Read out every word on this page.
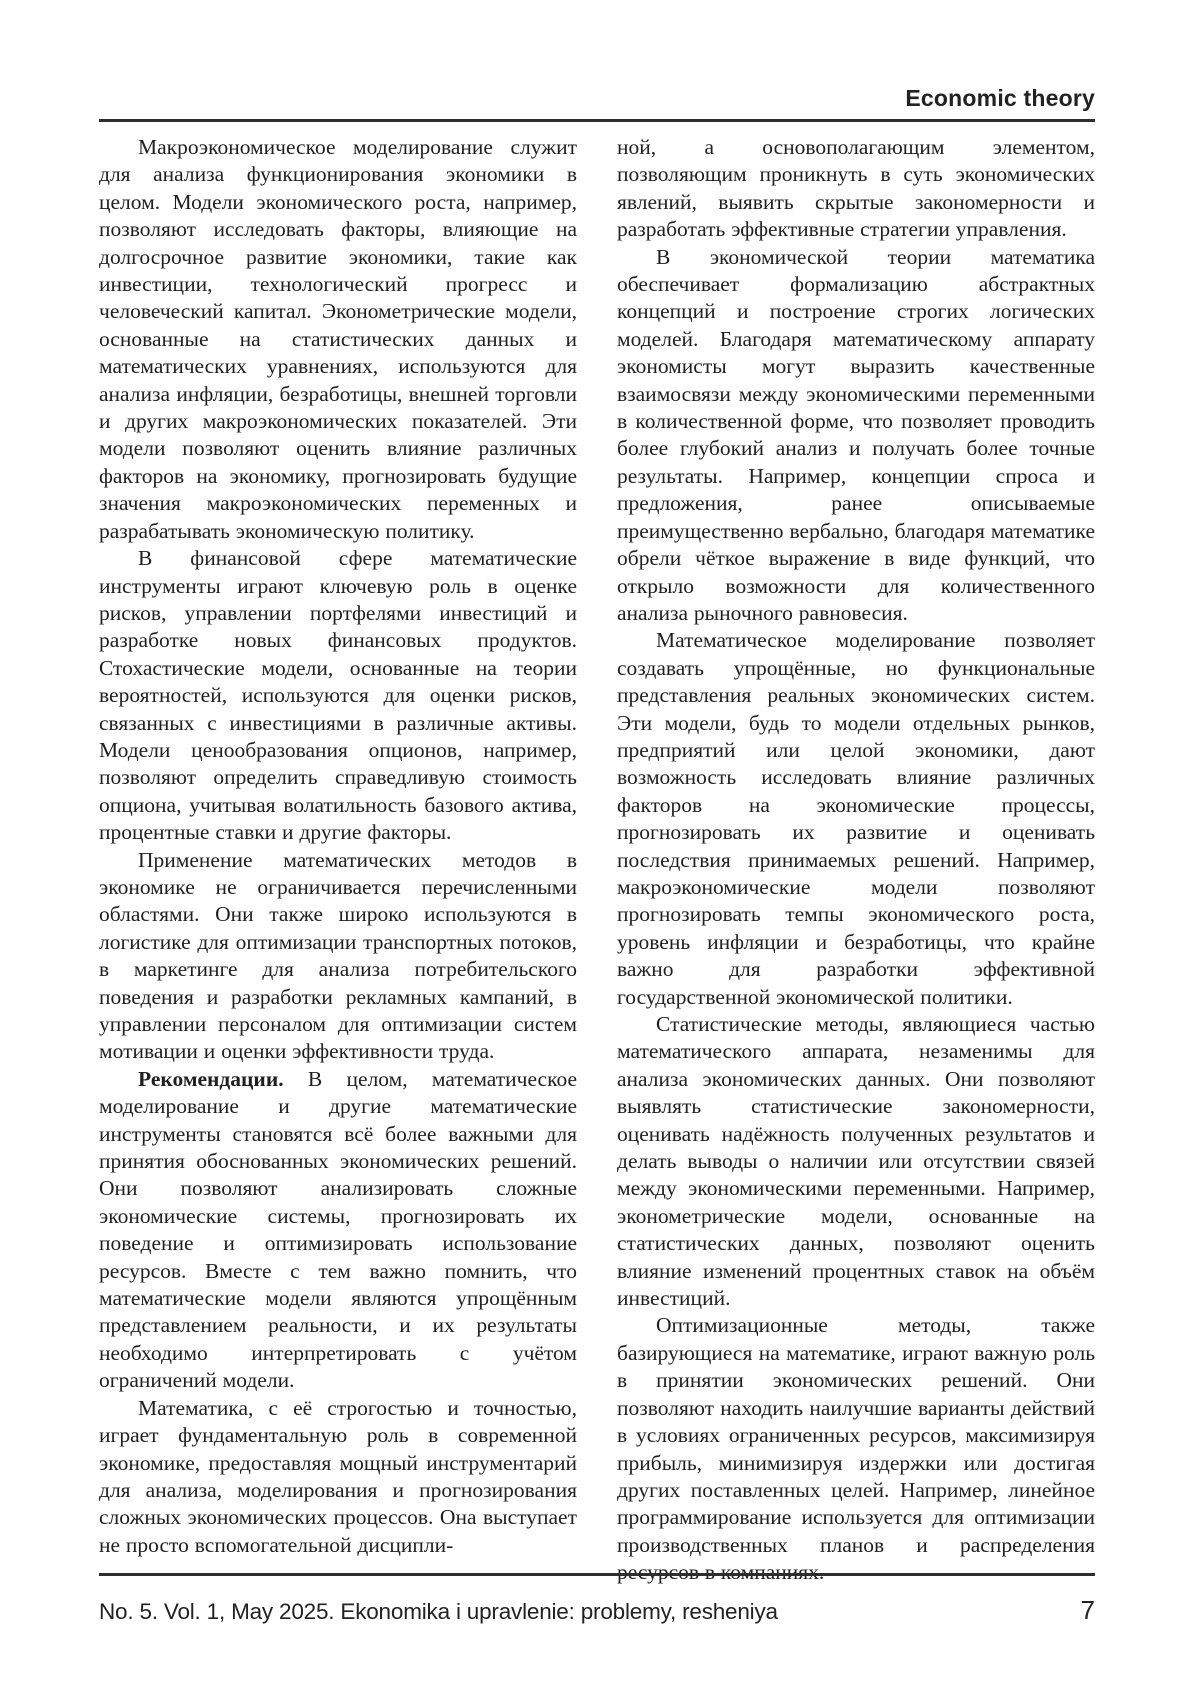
Economic theory

Макроэкономическое моделирование служит для анализа функционирования экономики в целом. Модели экономического роста, например, позволяют исследовать факторы, влияющие на долгосрочное развитие экономики, такие как инвестиции, технологический прогресс и человеческий капитал. Эконометрические модели, основанные на статистических данных и математических уравнениях, используются для анализа инфляции, безработицы, внешней торговли и других макроэкономических показателей. Эти модели позволяют оценить влияние различных факторов на экономику, прогнозировать будущие значения макроэкономических переменных и разрабатывать экономическую политику.

В финансовой сфере математические инструменты играют ключевую роль в оценке рисков, управлении портфелями инвестиций и разработке новых финансовых продуктов. Стохастические модели, основанные на теории вероятностей, используются для оценки рисков, связанных с инвестициями в различные активы. Модели ценообразования опционов, например, позволяют определить справедливую стоимость опциона, учитывая волатильность базового актива, процентные ставки и другие факторы.

Применение математических методов в экономике не ограничивается перечисленными областями. Они также широко используются в логистике для оптимизации транспортных потоков, в маркетинге для анализа потребительского поведения и разработки рекламных кампаний, в управлении персоналом для оптимизации систем мотивации и оценки эффективности труда.

Рекомендации. В целом, математическое моделирование и другие математические инструменты становятся всё более важными для принятия обоснованных экономических решений. Они позволяют анализировать сложные экономические системы, прогнозировать их поведение и оптимизировать использование ресурсов. Вместе с тем важно помнить, что математические модели являются упрощённым представлением реальности, и их результаты необходимо интерпретировать с учётом ограничений модели.

Математика, с её строгостью и точностью, играет фундаментальную роль в современной экономике, предоставляя мощный инструментарий для анализа, моделирования и прогнозирования сложных экономических процессов. Она выступает не просто вспомогательной дисципли-

ной, а основополагающим элементом, позволяющим проникнуть в суть экономических явлений, выявить скрытые закономерности и разработать эффективные стратегии управления.

В экономической теории математика обеспечивает формализацию абстрактных концепций и построение строгих логических моделей. Благодаря математическому аппарату экономисты могут выразить качественные взаимосвязи между экономическими переменными в количественной форме, что позволяет проводить более глубокий анализ и получать более точные результаты. Например, концепции спроса и предложения, ранее описываемые преимущественно вербально, благодаря математике обрели чёткое выражение в виде функций, что открыло возможности для количественного анализа рыночного равновесия.

Математическое моделирование позволяет создавать упрощённые, но функциональные представления реальных экономических систем. Эти модели, будь то модели отдельных рынков, предприятий или целой экономики, дают возможность исследовать влияние различных факторов на экономические процессы, прогнозировать их развитие и оценивать последствия принимаемых решений. Например, макроэкономические модели позволяют прогнозировать темпы экономического роста, уровень инфляции и безработицы, что крайне важно для разработки эффективной государственной экономической политики.

Статистические методы, являющиеся частью математического аппарата, незаменимы для анализа экономических данных. Они позволяют выявлять статистические закономерности, оценивать надёжность полученных результатов и делать выводы о наличии или отсутствии связей между экономическими переменными. Например, эконометрические модели, основанные на статистических данных, позволяют оценить влияние изменений процентных ставок на объём инвестиций.

Оптимизационные методы, также базирующиеся на математике, играют важную роль в принятии экономических решений. Они позволяют находить наилучшие варианты действий в условиях ограниченных ресурсов, максимизируя прибыль, минимизируя издержки или достигая других поставленных целей. Например, линейное программирование используется для оптимизации производственных планов и распределения ресурсов в компаниях.

No. 5. Vol. 1, May 2025. Ekonomika i upravlenie: problemy, resheniya	7
